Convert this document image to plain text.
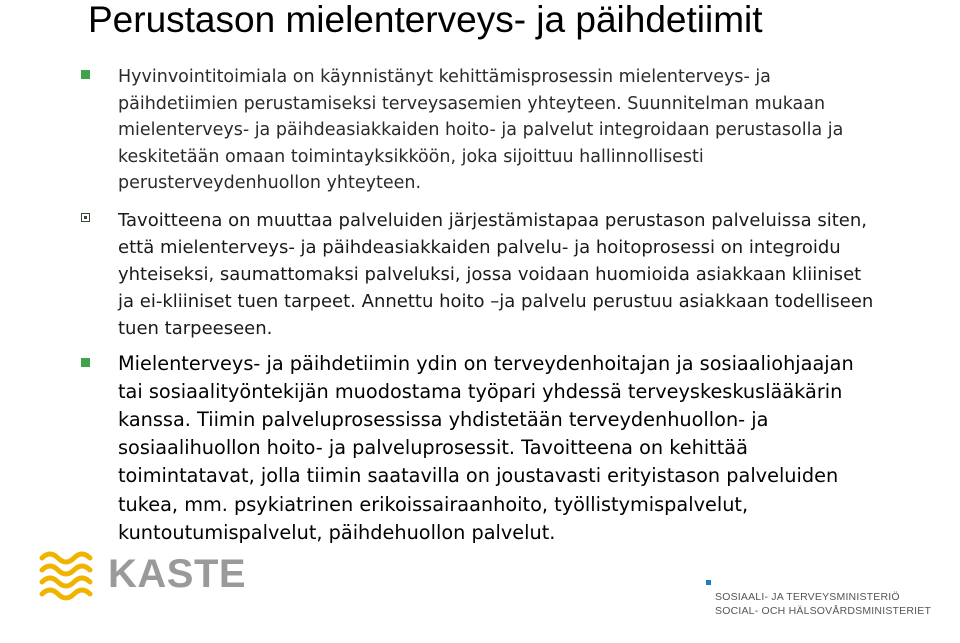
Perustason mielenterveys- ja päihdetiimit
Hyvinvointitoimiala on käynnistänyt kehittämisprosessin mielenterveys- ja päihdetiimien perustamiseksi terveysasemien yhteyteen. Suunnitelman mukaan mielenterveys- ja päihdeasiakkaiden hoito- ja palvelut integroidaan perustasolla ja keskitetään omaan toimintayksikköön, joka sijoittuu hallinnollisesti perusterveydenhuollon yhteyteen.
Tavoitteena on muuttaa palveluiden järjestämistapaa perustason palveluissa siten, että mielenterveys- ja päihdeasiakkaiden palvelu- ja hoitoprosessi on integroidu yhteiseksi, saumattomaksi palveluksi, jossa voidaan huomioida asiakkaan kliiniset ja ei-kliiniset tuen tarpeet. Annettu hoito –ja palvelu perustuu asiakkaan todelliseen tuen tarpeeseen.
Mielenterveys- ja päihdetiimin ydin on terveydenhoitajan ja sosiaaliohjaajan tai sosiaalityöntekijän muodostama työpari yhdessä terveyskeskuslääkärin kanssa. Tiimin palveluprosessissa yhdistetään terveydenhuollon- ja sosiaalihuollon hoito- ja palveluprosessit. Tavoitteena on kehittää toimintatavat, jolla tiimin saatavilla on joustavasti erityistason palveluiden tukea, mm. psykiatrinen erikoissairaanhoito, työllistymispalvelut, kuntoutumispalvelut, päihdehuollon palvelut.
KASTE
SOSIAALI- JA TERVEYSMINISTERIÖ
SOCIAL- OCH HÄLSOVÅRDSMINISTERIET
